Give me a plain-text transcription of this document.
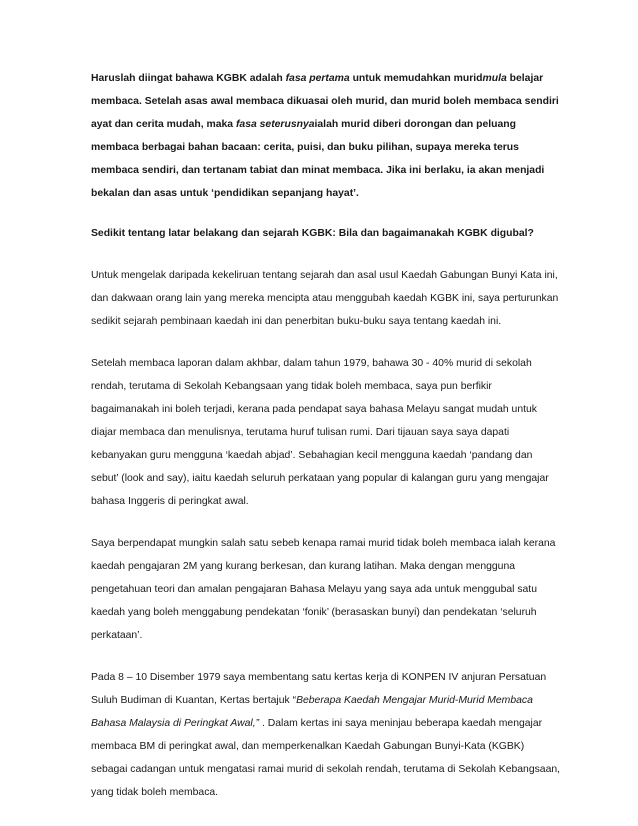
Haruslah diingat bahawa KGBK adalah fasa pertama untuk memudahkan muridmula belajar membaca. Setelah asas awal membaca dikuasai oleh murid, dan murid boleh membaca sendiri ayat dan cerita mudah, maka fasa seterusnyaialah murid diberi dorongan dan peluang membaca berbagai bahan bacaan: cerita, puisi, dan buku pilihan, supaya mereka terus membaca sendiri, dan tertanam tabiat dan minat membaca. Jika ini berlaku, ia akan menjadi bekalan dan asas untuk ‘pendidikan sepanjang hayat’.

Sedikit tentang latar belakang dan sejarah KGBK: Bila dan bagaimanakah KGBK digubal?

Untuk mengelak daripada kekeliruan tentang sejarah dan asal usul Kaedah Gabungan Bunyi Kata ini, dan dakwaan orang lain yang mereka mencipta atau menggubah kaedah KGBK ini, saya perturunkan sedikit sejarah pembinaan kaedah ini dan penerbitan buku-buku saya tentang kaedah ini.

Setelah membaca laporan dalam akhbar, dalam tahun 1979, bahawa 30 - 40% murid di sekolah rendah, terutama di Sekolah Kebangsaan yang tidak boleh membaca, saya pun berfikir bagaimanakah ini boleh terjadi, kerana pada pendapat saya bahasa Melayu sangat mudah untuk diajar membaca dan menulisnya, terutama huruf tulisan rumi. Dari tijauan saya saya dapati kebanyakan guru mengguna ‘kaedah abjad’. Sebahagian kecil mengguna kaedah ‘pandang dan sebut’ (look and say), iaitu kaedah seluruh perkataan yang popular di kalangan guru yang mengajar bahasa Inggeris di peringkat awal.

Saya berpendapat mungkin salah satu sebeb kenapa ramai murid tidak boleh membaca ialah kerana kaedah pengajaran 2M yang kurang berkesan, dan kurang latihan. Maka dengan mengguna pengetahuan teori dan amalan pengajaran Bahasa Melayu yang saya ada untuk menggubal satu kaedah yang boleh menggabung pendekatan ‘fonik’ (berasaskan bunyi) dan pendekatan ‘seluruh perkataan’.

Pada 8 – 10 Disember 1979 saya membentang satu kertas kerja di KONPEN IV anjuran Persatuan Suluh Budiman di Kuantan, Kertas bertajuk “Beberapa Kaedah Mengajar Murid-Murid Membaca Bahasa Malaysia di Peringkat Awal,” . Dalam kertas ini saya meninjau beberapa kaedah mengajar membaca BM di peringkat awal, dan memperkenalkan Kaedah Gabungan Bunyi-Kata (KGBK) sebagai cadangan untuk mengatasi ramai murid di sekolah rendah, terutama di Sekolah Kebangsaan, yang tidak boleh membaca.
